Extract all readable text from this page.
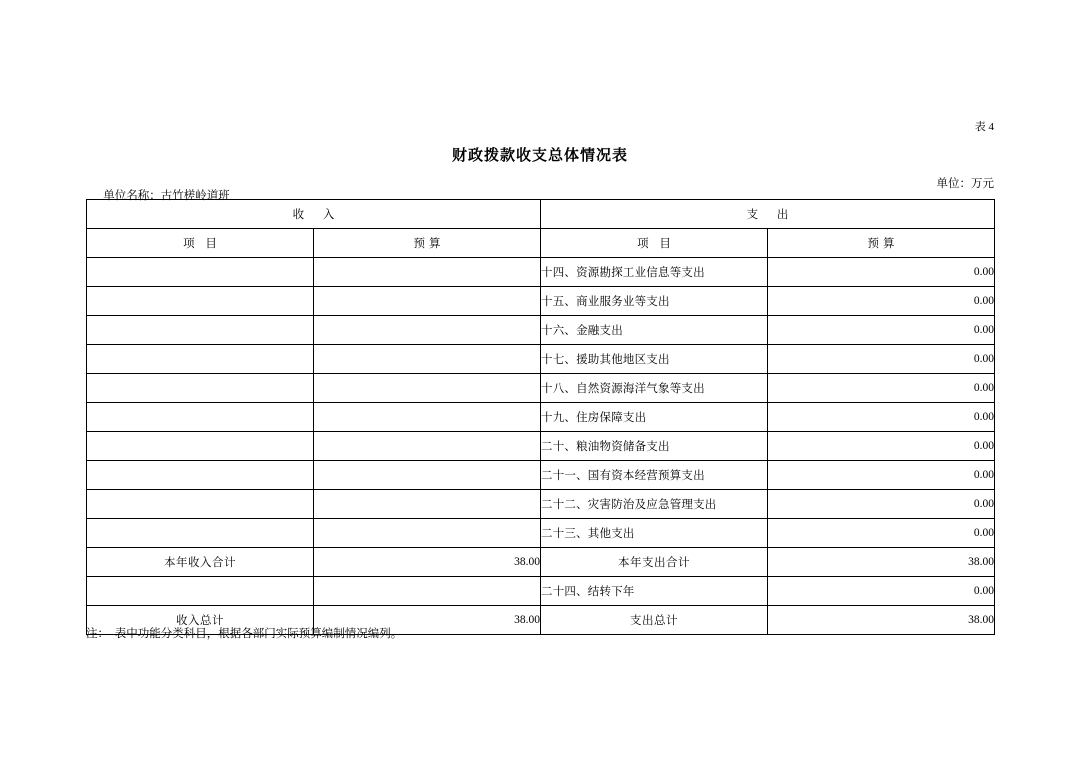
表 4
财政拨款收支总体情况表

单位名称：古竹槎岭道班

单位：万元
收 入		支 出	
项 目	预算	项 目	预算
		十四、资源勘探工业信息等支出	0.00
		十五、商业服务业等支出	0.00
		十六、金融支出	0.00
		十七、援助其他地区支出	0.00
		十八、自然资源海洋气象等支出	0.00
		十九、住房保障支出	0.00
		二十、粮油物资储备支出	0.00
		二十一、国有资本经营预算支出	0.00
		二十二、灾害防治及应急管理支出	0.00
		二十三、其他支出	0.00
本年收入合计	38.00	本年支出合计	38.00
		二十四、结转下年	0.00
收入总计	38.00	支出总计	38.00
注：  表中功能分类科目，根据各部门实际预算编制情况编列。
